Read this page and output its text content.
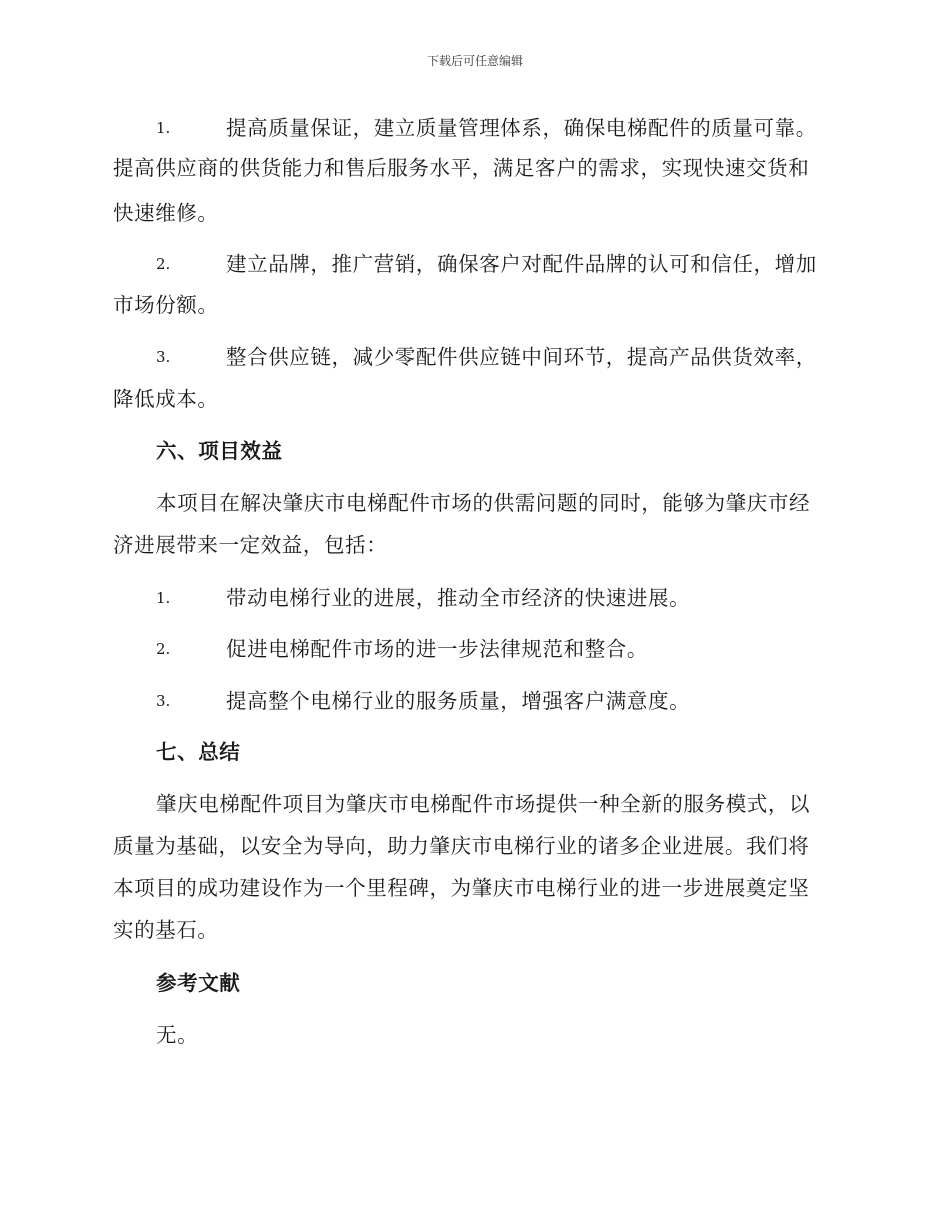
下载后可任意编辑
1.	提高质量保证，建立质量管理体系，确保电梯配件的质量可靠。
提高供应商的供货能力和售后服务水平，满足客户的需求，实现快速交货和
快速维修。
2.	建立品牌，推广营销，确保客户对配件品牌的认可和信任，增加
市场份额。
3.	整合供应链，减少零配件供应链中间环节，提高产品供货效率，
降低成本。
六、项目效益
本项目在解决肇庆市电梯配件市场的供需问题的同时，能够为肇庆市经
济进展带来一定效益，包括：
1.	带动电梯行业的进展，推动全市经济的快速进展。
2.	促进电梯配件市场的进一步法律规范和整合。
3.	提高整个电梯行业的服务质量，增强客户满意度。
七、总结
肇庆电梯配件项目为肇庆市电梯配件市场提供一种全新的服务模式，以
质量为基础，以安全为导向，助力肇庆市电梯行业的诸多企业进展。我们将
本项目的成功建设作为一个里程碑，为肇庆市电梯行业的进一步进展奠定坚
实的基石。
参考文献
无。
